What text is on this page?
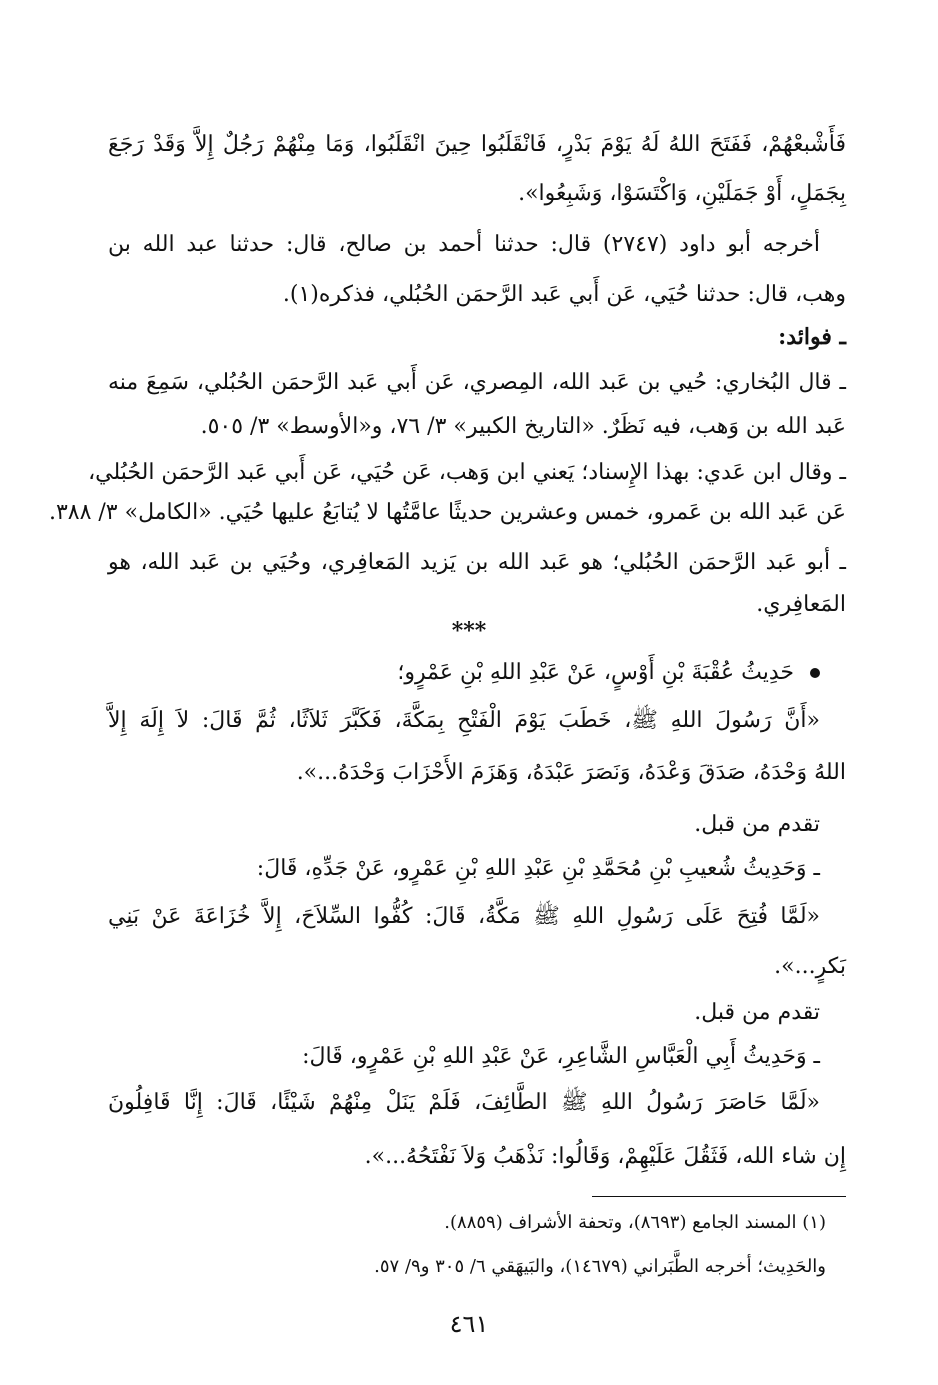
فَأَشْبعْهُمْ، فَفَتَحَ اللهُ لَهُ يَوْمَ بَدْرٍ، فَانْقَلَبُوا حِينَ انْقَلَبُوا، وَمَا مِنْهُمْ رَجُلٌ إِلاَّ وَقَدْ رَجَعَ
بِجَمَلٍ، أَوْ جَمَلَيْنِ، وَاكْتَسَوْا، وَشَبِعُوا».
أخرجه أبو داود (٢٧٤٧) قال: حدثنا أحمد بن صالح، قال: حدثنا عبد الله بن
وهب، قال: حدثنا حُيَي، عَن أَبي عَبد الرَّحمَن الحُبُلي، فذكره(١).
ـ فوائد:
ـ قال البُخاري: حُيي بن عَبد الله، المِصري، عَن أَبي عَبد الرَّحمَن الحُبُلي، سَمِعَ منه
عَبد الله بن وَهب، فيه نَظَرٌ. «التاريخ الكبير» ٣/ ٧٦، و«الأوسط» ٣/ ٥٠٥.
ـ وقال ابن عَدي: بهذا الإِسناد؛ يَعني ابن وَهب، عَن حُيَي، عَن أَبي عَبد الرَّحمَن الحُبُلي،
عَن عَبد الله بن عَمرو، خمس وعشرين حديثًا عامَّتُها لا يُتابَعُ عليها حُيَي. «الكامل» ٣/ ٣٨٨.
ـ أبو عَبد الرَّحمَن الحُبُلي؛ هو عَبد الله بن يَزيد المَعافِري، وحُيَي بن عَبد الله، هو
المَعافِري.
***
حَدِيثُ عُقْبَةَ بْنِ أَوْسٍ، عَنْ عَبْدِ اللهِ بْنِ عَمْرٍو؛
«أَنَّ رَسُولَ اللهِ ﷺ، خَطَبَ يَوْمَ الْفَتْحِ بِمَكَّةَ، فَكَبَّرَ ثَلاَثًا، ثُمَّ قَالَ: لاَ إِلَهَ إِلاَّ
اللهُ وَحْدَهُ، صَدَقَ وَعْدَهُ، وَنَصَرَ عَبْدَهُ، وَهَزَمَ الأَحْزَابَ وَحْدَهُ...».
تقدم من قبل.
ـ وَحَدِيثُ شُعيبِ بْنِ مُحَمَّدِ بْنِ عَبْدِ اللهِ بْنِ عَمْرٍو، عَنْ جَدِّهِ، قَالَ:
«لَمَّا فُتِحَ عَلَى رَسُولِ اللهِ ﷺ مَكَّةُ، قَالَ: كُفُّوا السِّلاَحَ، إِلاَّ خُزَاعَةَ عَنْ بَنِي
بَكرٍ...».
تقدم من قبل.
ـ وَحَدِيثُ أَبِي الْعَبَّاسِ الشَّاعِرِ، عَنْ عَبْدِ اللهِ بْنِ عَمْرٍو، قَالَ:
«لَمَّا حَاصَرَ رَسُولُ اللهِ ﷺ الطَّائِفَ، فَلَمْ يَنَلْ مِنْهُمْ شَيْئًا، قَالَ: إِنَّا قَافِلُونَ
إِن شاء الله، فَثَقُلَ عَلَيْهِمْ، وَقَالُوا: نَذْهَبُ وَلاَ نَفْتَحُهُ...».
(١) المسند الجامع (٨٦٩٣)، وتحفة الأشراف (٨٨٥٩).
والحَدِيث؛ أخرجه الطَّبَراني (١٤٦٧٩)، والبَيهَقي ٦/ ٣٠٥ و٩/ ٥٧.
٤٦١
